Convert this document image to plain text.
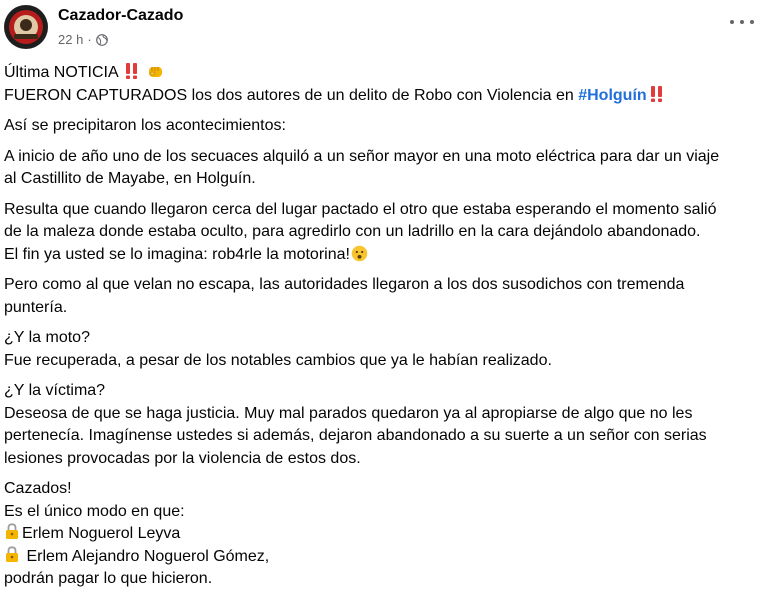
Cazador-Cazado
22 h ·
Última NOTICIA
FUERON CAPTURADOS los dos autores de un delito de Robo con Violencia en #Holguín
Así se precipitaron los acontecimientos:
A inicio de año uno de los secuaces alquiló a un señor mayor en una moto eléctrica para dar un viaje
al Castillito de Mayabe, en Holguín.
Resulta que cuando llegaron cerca del lugar pactado el otro que estaba esperando el momento salió
de la maleza donde estaba oculto, para agredirlo con un ladrillo en la cara dejándolo abandonado.
El fin ya usted se lo imagina: rob4rle la motorina!
Pero como al que velan no escapa, las autoridades llegaron a los dos susodichos con tremenda
puntería.
¿Y la moto?
Fue recuperada, a pesar de los notables cambios que ya le habían realizado.
¿Y la víctima?
Deseosa de que se haga justicia. Muy mal parados quedaron ya al apropiarse de algo que no les
pertenecía. Imagínense ustedes si además, dejaron abandonado a su suerte a un señor con serias
lesiones provocadas por la violencia de estos dos.
Cazados!
Es el único modo en que:
Erlem Noguerol Leyva
Erlem Alejandro Noguerol Gómez,
podrán pagar lo que hicieron.
